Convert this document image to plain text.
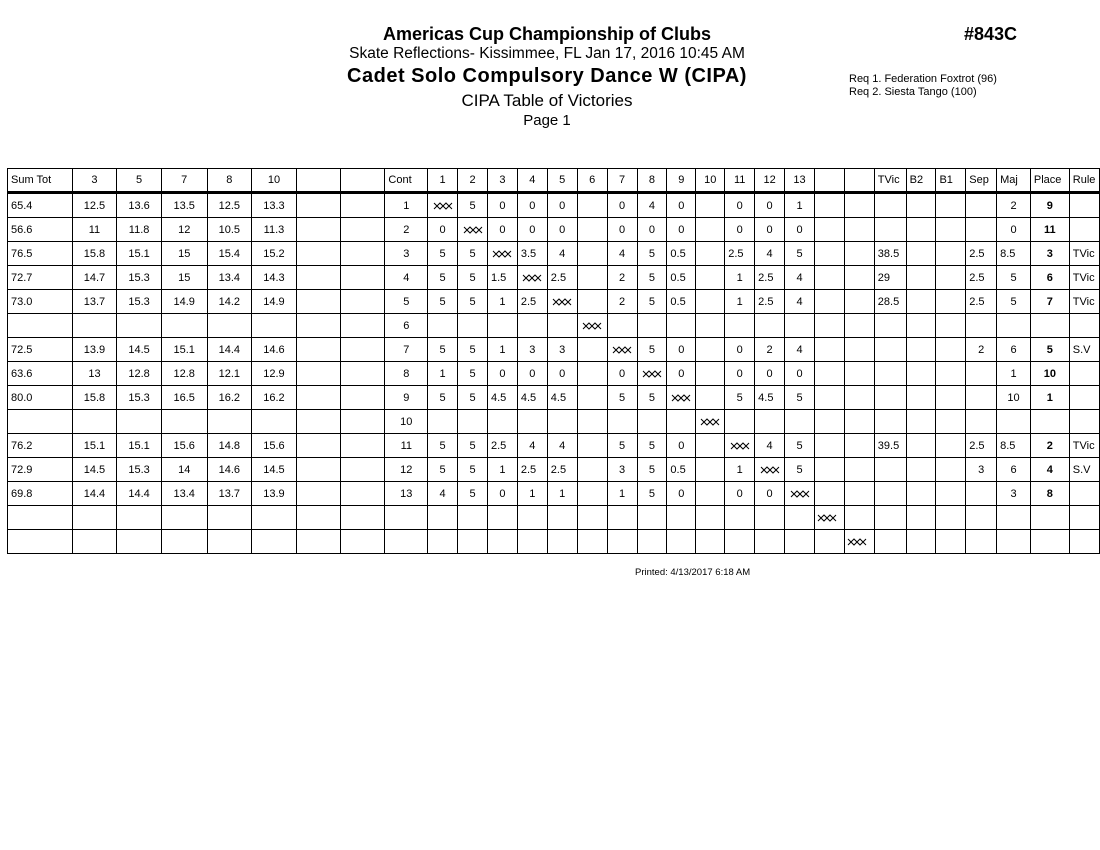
Americas Cup Championship of Clubs
Skate Reflections- Kissimmee, FL Jan 17, 2016 10:45 AM
Cadet Solo Compulsory Dance W (CIPA)
CIPA Table of Victories
Page 1
#843C
Req 1. Federation Foxtrot (96)
Req 2. Siesta Tango (100)
Sum Tot	3	5	7	8	10			Cont	1	2	3	4	5	6	7	8	9	10	11	12	13			TVic	B2	B1	Sep	Maj	Place	Rule
65.4	12.5	13.6	13.5	12.5	13.3			1		5	0	0	0		0	4	0		0	0	1							2	9	
56.6	11	11.8	12	10.5	11.3			2	0		0	0	0		0	0	0		0	0	0							0	11	
76.5	15.8	15.1	15	15.4	15.2			3	5	5		3.5	4		4	5	0.5		2.5	4	5			38.5			2.5	8.5	3	TVic
72.7	14.7	15.3	15	13.4	14.3			4	5	5	1.5		2.5		2	5	0.5		1	2.5	4			29			2.5	5	6	TVic
73.0	13.7	15.3	14.9	14.2	14.9			5	5	5	1	2.5			2	5	0.5		1	2.5	4			28.5			2.5	5	7	TVic
								6																						
72.5	13.9	14.5	15.1	14.4	14.6			7	5	5	1	3	3			5	0		0	2	4						2	6	5	S.V
63.6	13	12.8	12.8	12.1	12.9			8	1	5	0	0	0		0		0		0	0	0							1	10	
80.0	15.8	15.3	16.5	16.2	16.2			9	5	5	4.5	4.5	4.5		5	5			5	4.5	5							10	1	
								10																						
76.2	15.1	15.1	15.6	14.8	15.6			11	5	5	2.5	4	4		5	5	0			4	5			39.5			2.5	8.5	2	TVic
72.9	14.5	15.3	14	14.6	14.5			12	5	5	1	2.5	2.5		3	5	0.5		1		5						3	6	4	S.V
69.8	14.4	14.4	13.4	13.7	13.9			13	4	5	0	1	1		1	5	0		0	0								3	8	

Printed: 4/13/2017 6:18 AM
